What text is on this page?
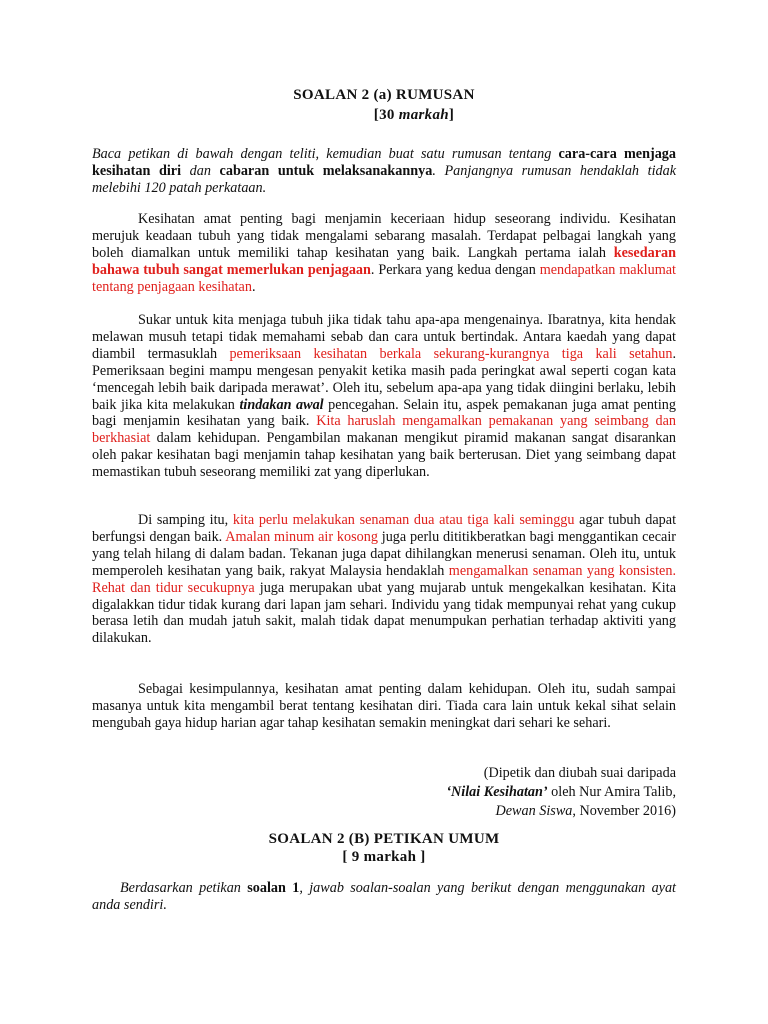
SOALAN 2 (a) RUMUSAN
[30 markah]
Baca petikan di bawah dengan teliti, kemudian buat satu rumusan tentang cara-cara menjaga kesihatan diri dan cabaran untuk melaksanakannya. Panjangnya rumusan hendaklah tidak melebihi 120 patah perkataan.
Kesihatan amat penting bagi menjamin keceriaan hidup seseorang individu. Kesihatan merujuk keadaan tubuh yang tidak mengalami sebarang masalah. Terdapat pelbagai langkah yang boleh diamalkan untuk memiliki tahap kesihatan yang baik. Langkah pertama ialah kesedaran bahawa tubuh sangat memerlukan penjagaan. Perkara yang kedua dengan mendapatkan maklumat tentang penjagaan kesihatan.
Sukar untuk kita menjaga tubuh jika tidak tahu apa-apa mengenainya. Ibaratnya, kita hendak melawan musuh tetapi tidak memahami sebab dan cara untuk bertindak. Antara kaedah yang dapat diambil termasuklah pemeriksaan kesihatan berkala sekurang-kurangnya tiga kali setahun. Pemeriksaan begini mampu mengesan penyakit ketika masih pada peringkat awal seperti cogan kata ‘mencegah lebih baik daripada merawat’. Oleh itu, sebelum apa-apa yang tidak diingini berlaku, lebih baik jika kita melakukan tindakan awal pencegahan. Selain itu, aspek pemakanan juga amat penting bagi menjamin kesihatan yang baik. Kita haruslah mengamalkan pemakanan yang seimbang dan berkhasiat dalam kehidupan. Pengambilan makanan mengikut piramid makanan sangat disarankan oleh pakar kesihatan bagi menjamin tahap kesihatan yang baik berterusan. Diet yang seimbang dapat memastikan tubuh seseorang memiliki zat yang diperlukan.
Di samping itu, kita perlu melakukan senaman dua atau tiga kali seminggu agar tubuh dapat berfungsi dengan baik. Amalan minum air kosong juga perlu dititikberatkan bagi menggantikan cecair yang telah hilang di dalam badan. Tekanan juga dapat dihilangkan menerusi senaman. Oleh itu, untuk memperoleh kesihatan yang baik, rakyat Malaysia hendaklah mengamalkan senaman yang konsisten. Rehat dan tidur secukupnya juga merupakan ubat yang mujarab untuk mengekalkan kesihatan. Kita digalakkan tidur tidak kurang dari lapan jam sehari. Individu yang tidak mempunyai rehat yang cukup berasa letih dan mudah jatuh sakit, malah tidak dapat menumpukan perhatian terhadap aktiviti yang dilakukan.
Sebagai kesimpulannya, kesihatan amat penting dalam kehidupan. Oleh itu, sudah sampai masanya untuk kita mengambil berat tentang kesihatan diri. Tiada cara lain untuk kekal sihat selain mengubah gaya hidup harian agar tahap kesihatan semakin meningkat dari sehari ke sehari.
(Dipetik dan diubah suai daripada
‘Nilai Kesihatan’ oleh Nur Amira Talib,
Dewan Siswa, November 2016)
SOALAN 2 (B) PETIKAN UMUM
[ 9 markah ]
Berdasarkan petikan soalan 1, jawab soalan-soalan yang berikut dengan menggunakan ayat anda sendiri.
